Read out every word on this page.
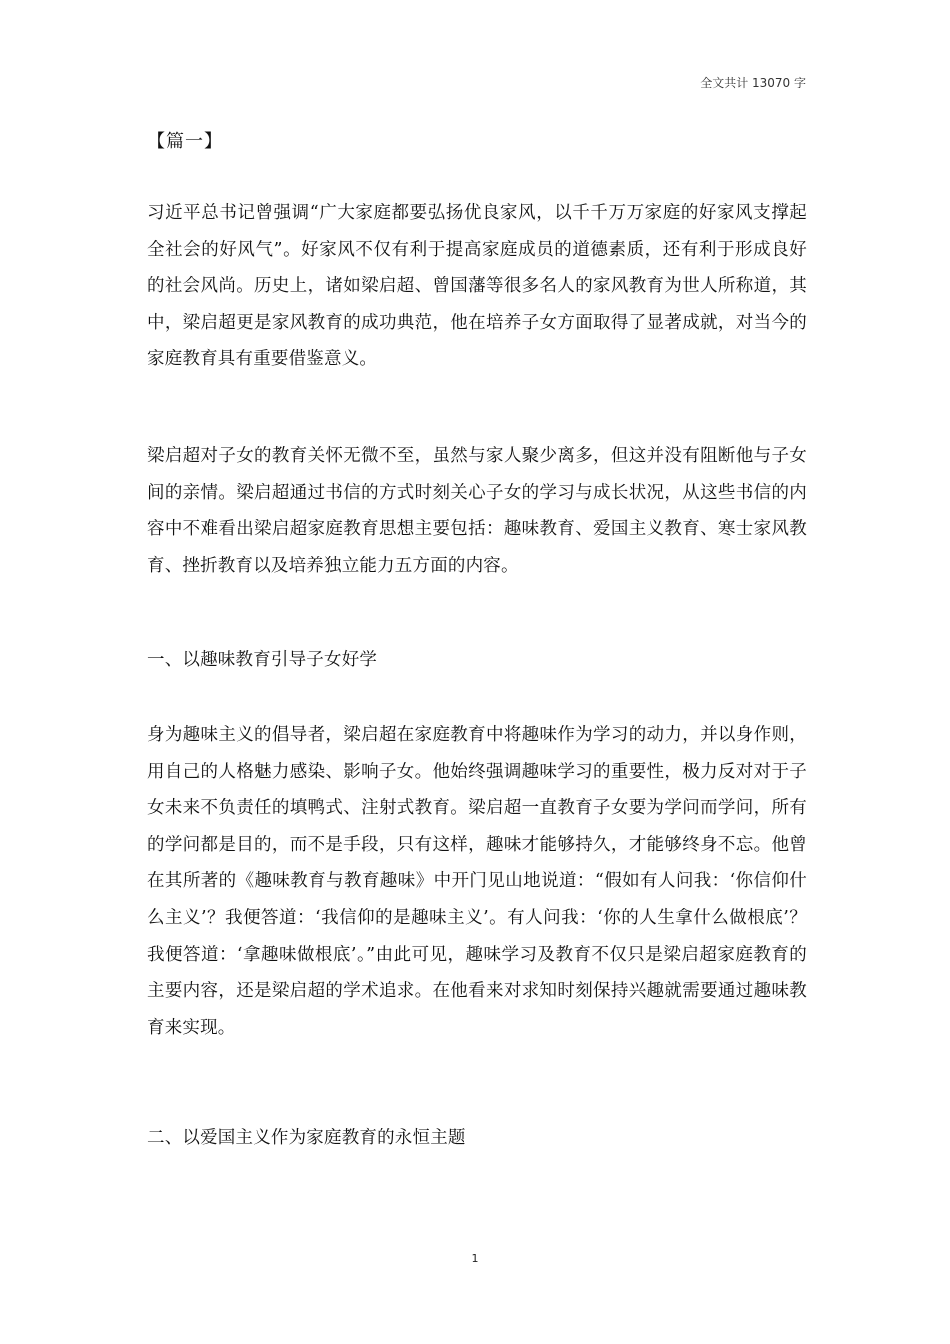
全文共计 13070 字
【篇一】

习近平总书记曾强调“广大家庭都要弘扬优良家风，以千千万万家庭的好家风支撑起全社会的好风气”。好家风不仅有利于提高家庭成员的道德素质，还有利于形成良好的社会风尚。历史上，诸如梁启超、曾国藩等很多名人的家风教育为世人所称道，其中，梁启超更是家风教育的成功典范，他在培养子女方面取得了显著成就，对当今的家庭教育具有重要借鉴意义。

梁启超对子女的教育关怀无微不至，虽然与家人聚少离多，但这并没有阻断他与子女间的亲情。梁启超通过书信的方式时刻关心子女的学习与成长状况，从这些书信的内容中不难看出梁启超家庭教育思想主要包括：趣味教育、爱国主义教育、寒士家风教育、挫折教育以及培养独立能力五方面的内容。

一、以趣味教育引导子女好学

身为趣味主义的倡导者，梁启超在家庭教育中将趣味作为学习的动力，并以身作则，用自己的人格魅力感染、影响子女。他始终强调趣味学习的重要性，极力反对对于子女未来不负责任的填鸭式、注射式教育。梁启超一直教育子女要为学问而学问，所有的学问都是目的，而不是手段，只有这样，趣味才能够持久，才能够终身不忘。他曾在其所著的《趣味教育与教育趣味》中开门见山地说道：“假如有人问我：‘你信仰什么主义’？我便答道：‘我信仰的是趣味主义’。有人问我：‘你的人生拿什么做根底’？我便答道：‘拿趣味做根底’。”由此可见，趣味学习及教育不仅只是梁启超家庭教育的主要内容，还是梁启超的学术追求。在他看来对求知时刻保持兴趣就需要通过趣味教育来实现。

二、以爱国主义作为家庭教育的永恒主题
1
